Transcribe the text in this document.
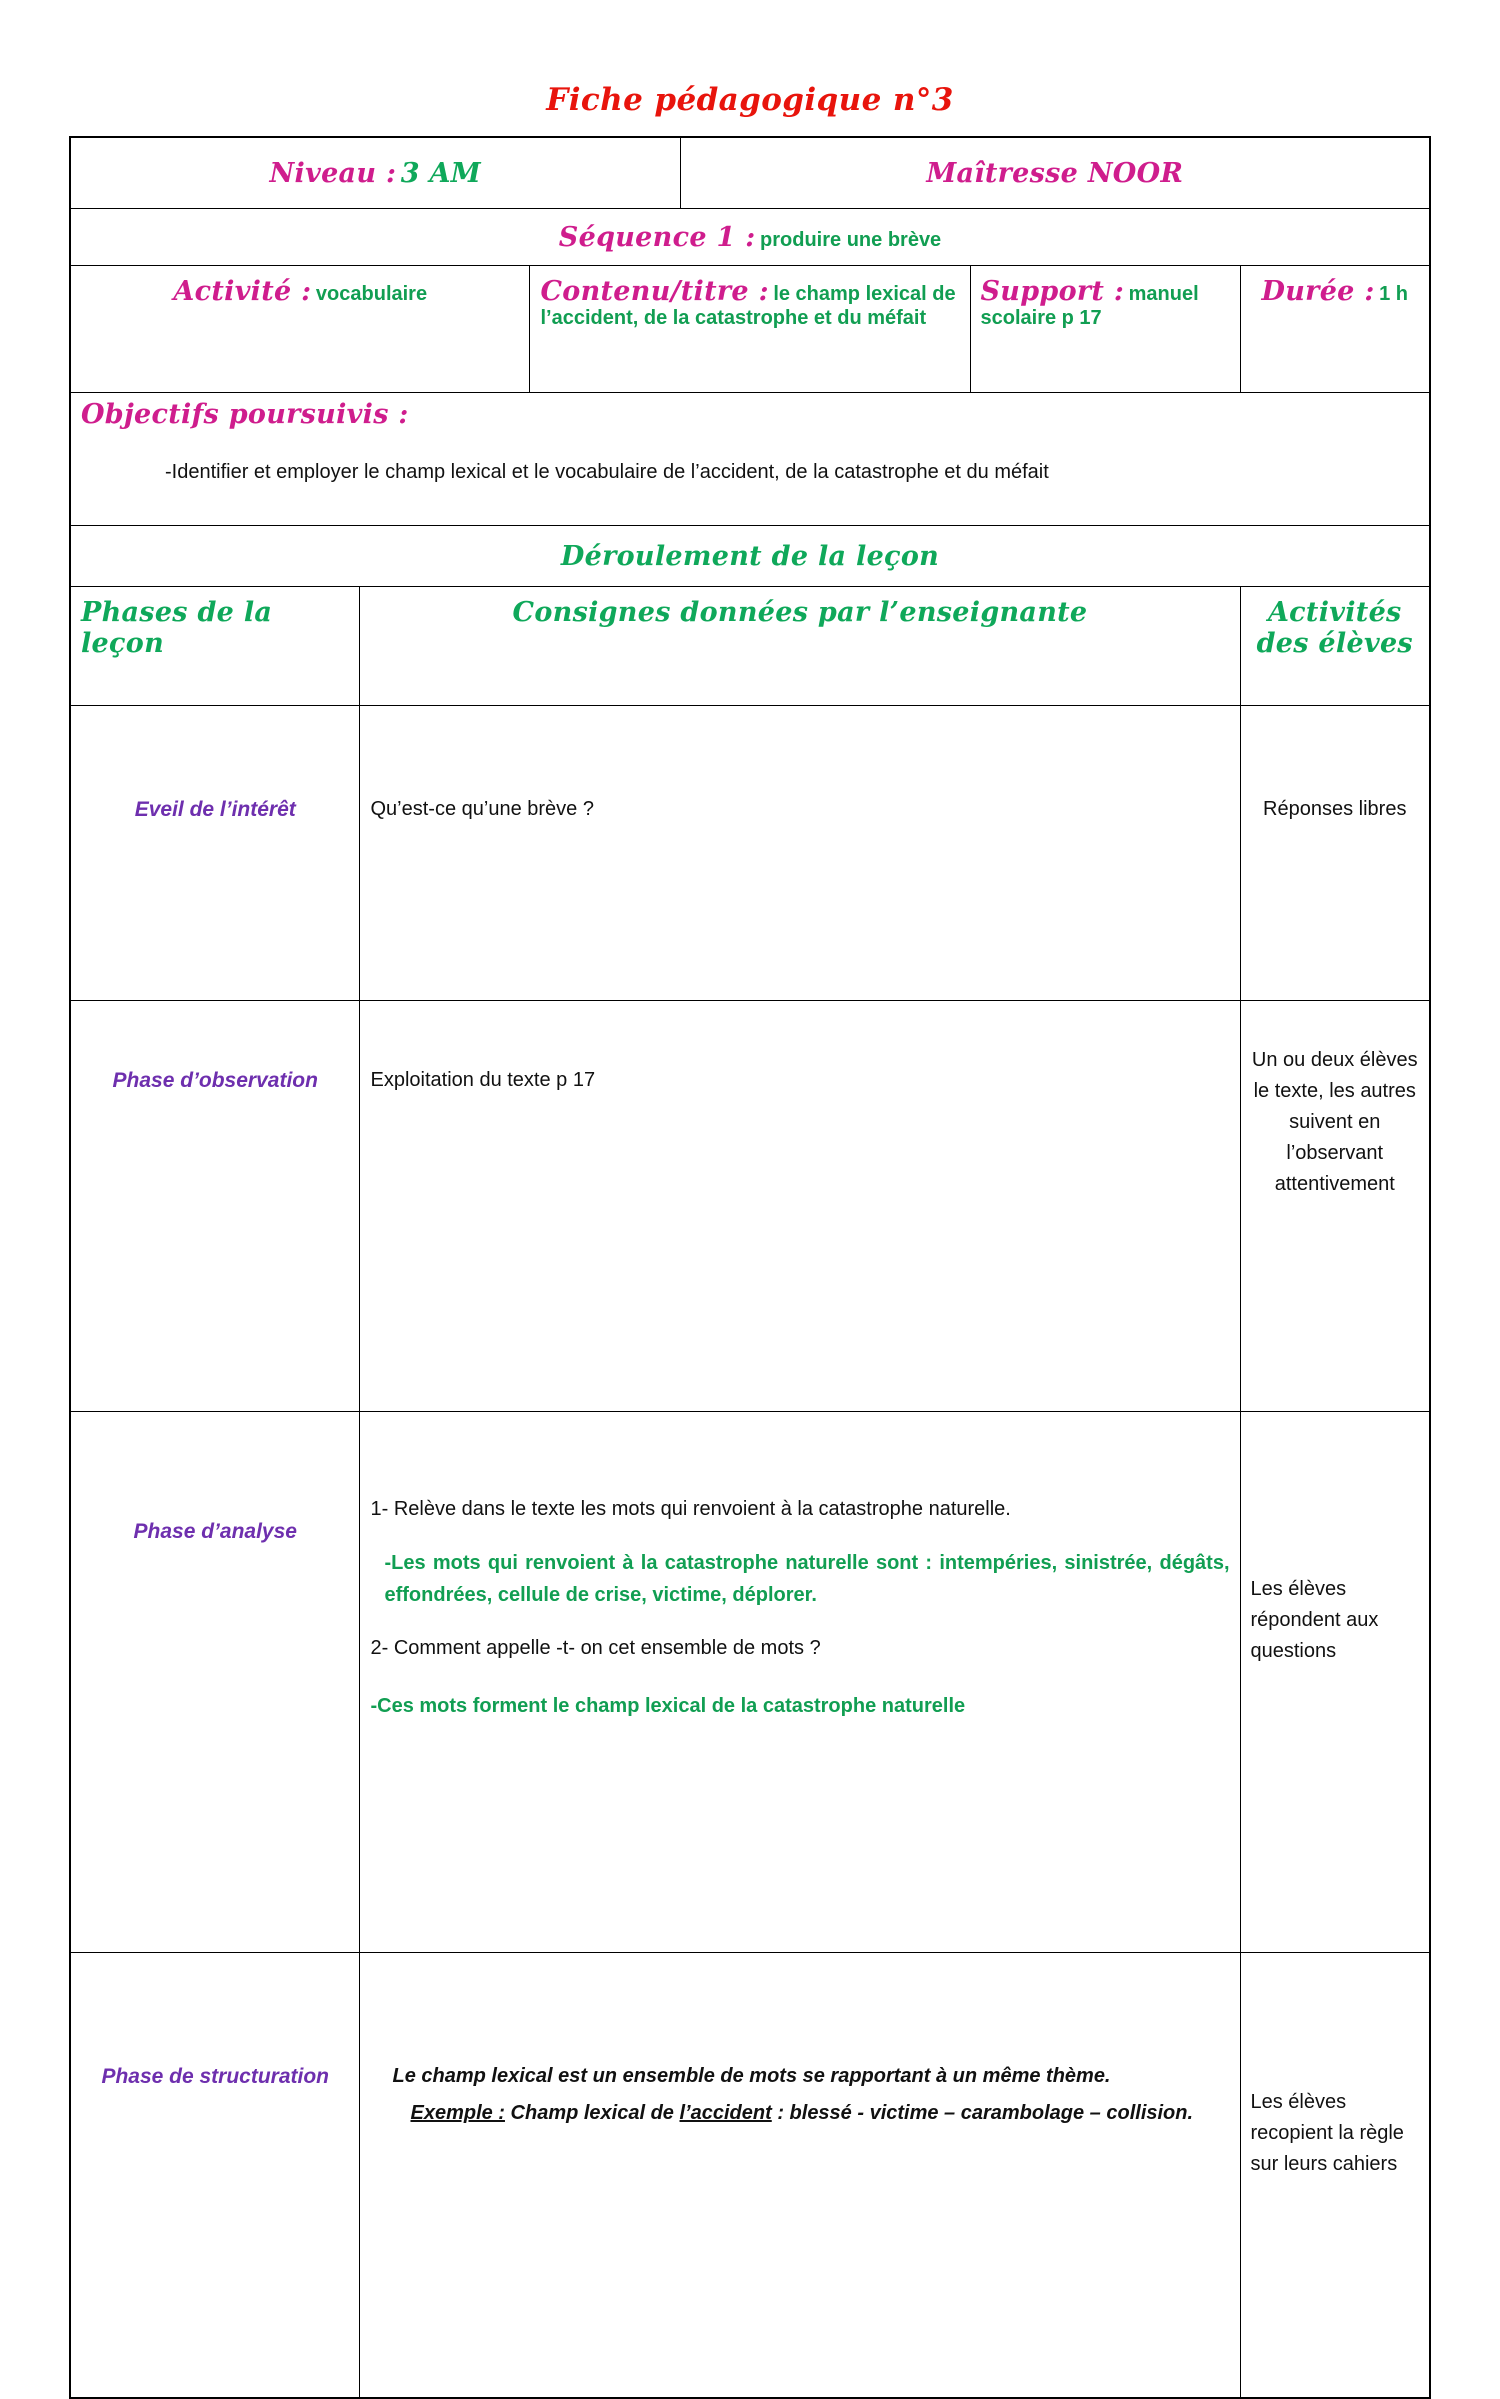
Fiche pédagogique n°3
Niveau : 3 AM			Maîtresse NOOR		
Séquence 1 : produire une brève					
Activité : vocabulaire		Contenu/titre : le champ lexical de l’accident, de la catastrophe et du méfait		Support : manuel scolaire p 17	Durée : 1 h
Objectifs poursuivis :					

-Identifier et employer le champ lexical et le vocabulaire de l’accident, de la catastrophe et du méfait					

Déroulement de la leçon					
Phases de la leçon	Consignes données par l’enseignante				Activités des élèves

Eveil de l’intérêt	Qu’est-ce qu’une brève ?				Réponses libres

Phase d’observation	Exploitation du texte p 17				Un ou deux élèves le texte, les autres suivent en l’observant attentivement

Phase d’analyse	1- Relève dans le texte les mots qui renvoient à la catastrophe naturelle.
-Les mots qui renvoient à la catastrophe naturelle sont : intempéries, sinistrée, dégâts, effondrées, cellule de crise, victime, déplorer.
2- Comment appelle -t- on cet ensemble de mots ?
-Ces mots forment le champ lexical de la catastrophe naturelle				Les élèves répondent aux questions

Phase de structuration	Le champ lexical est un ensemble de mots se rapportant à un même thème.
Exemple : Champ lexical de l’accident : blessé - victime – carambolage – collision.				Les élèves recopient la règle sur leurs cahiers
